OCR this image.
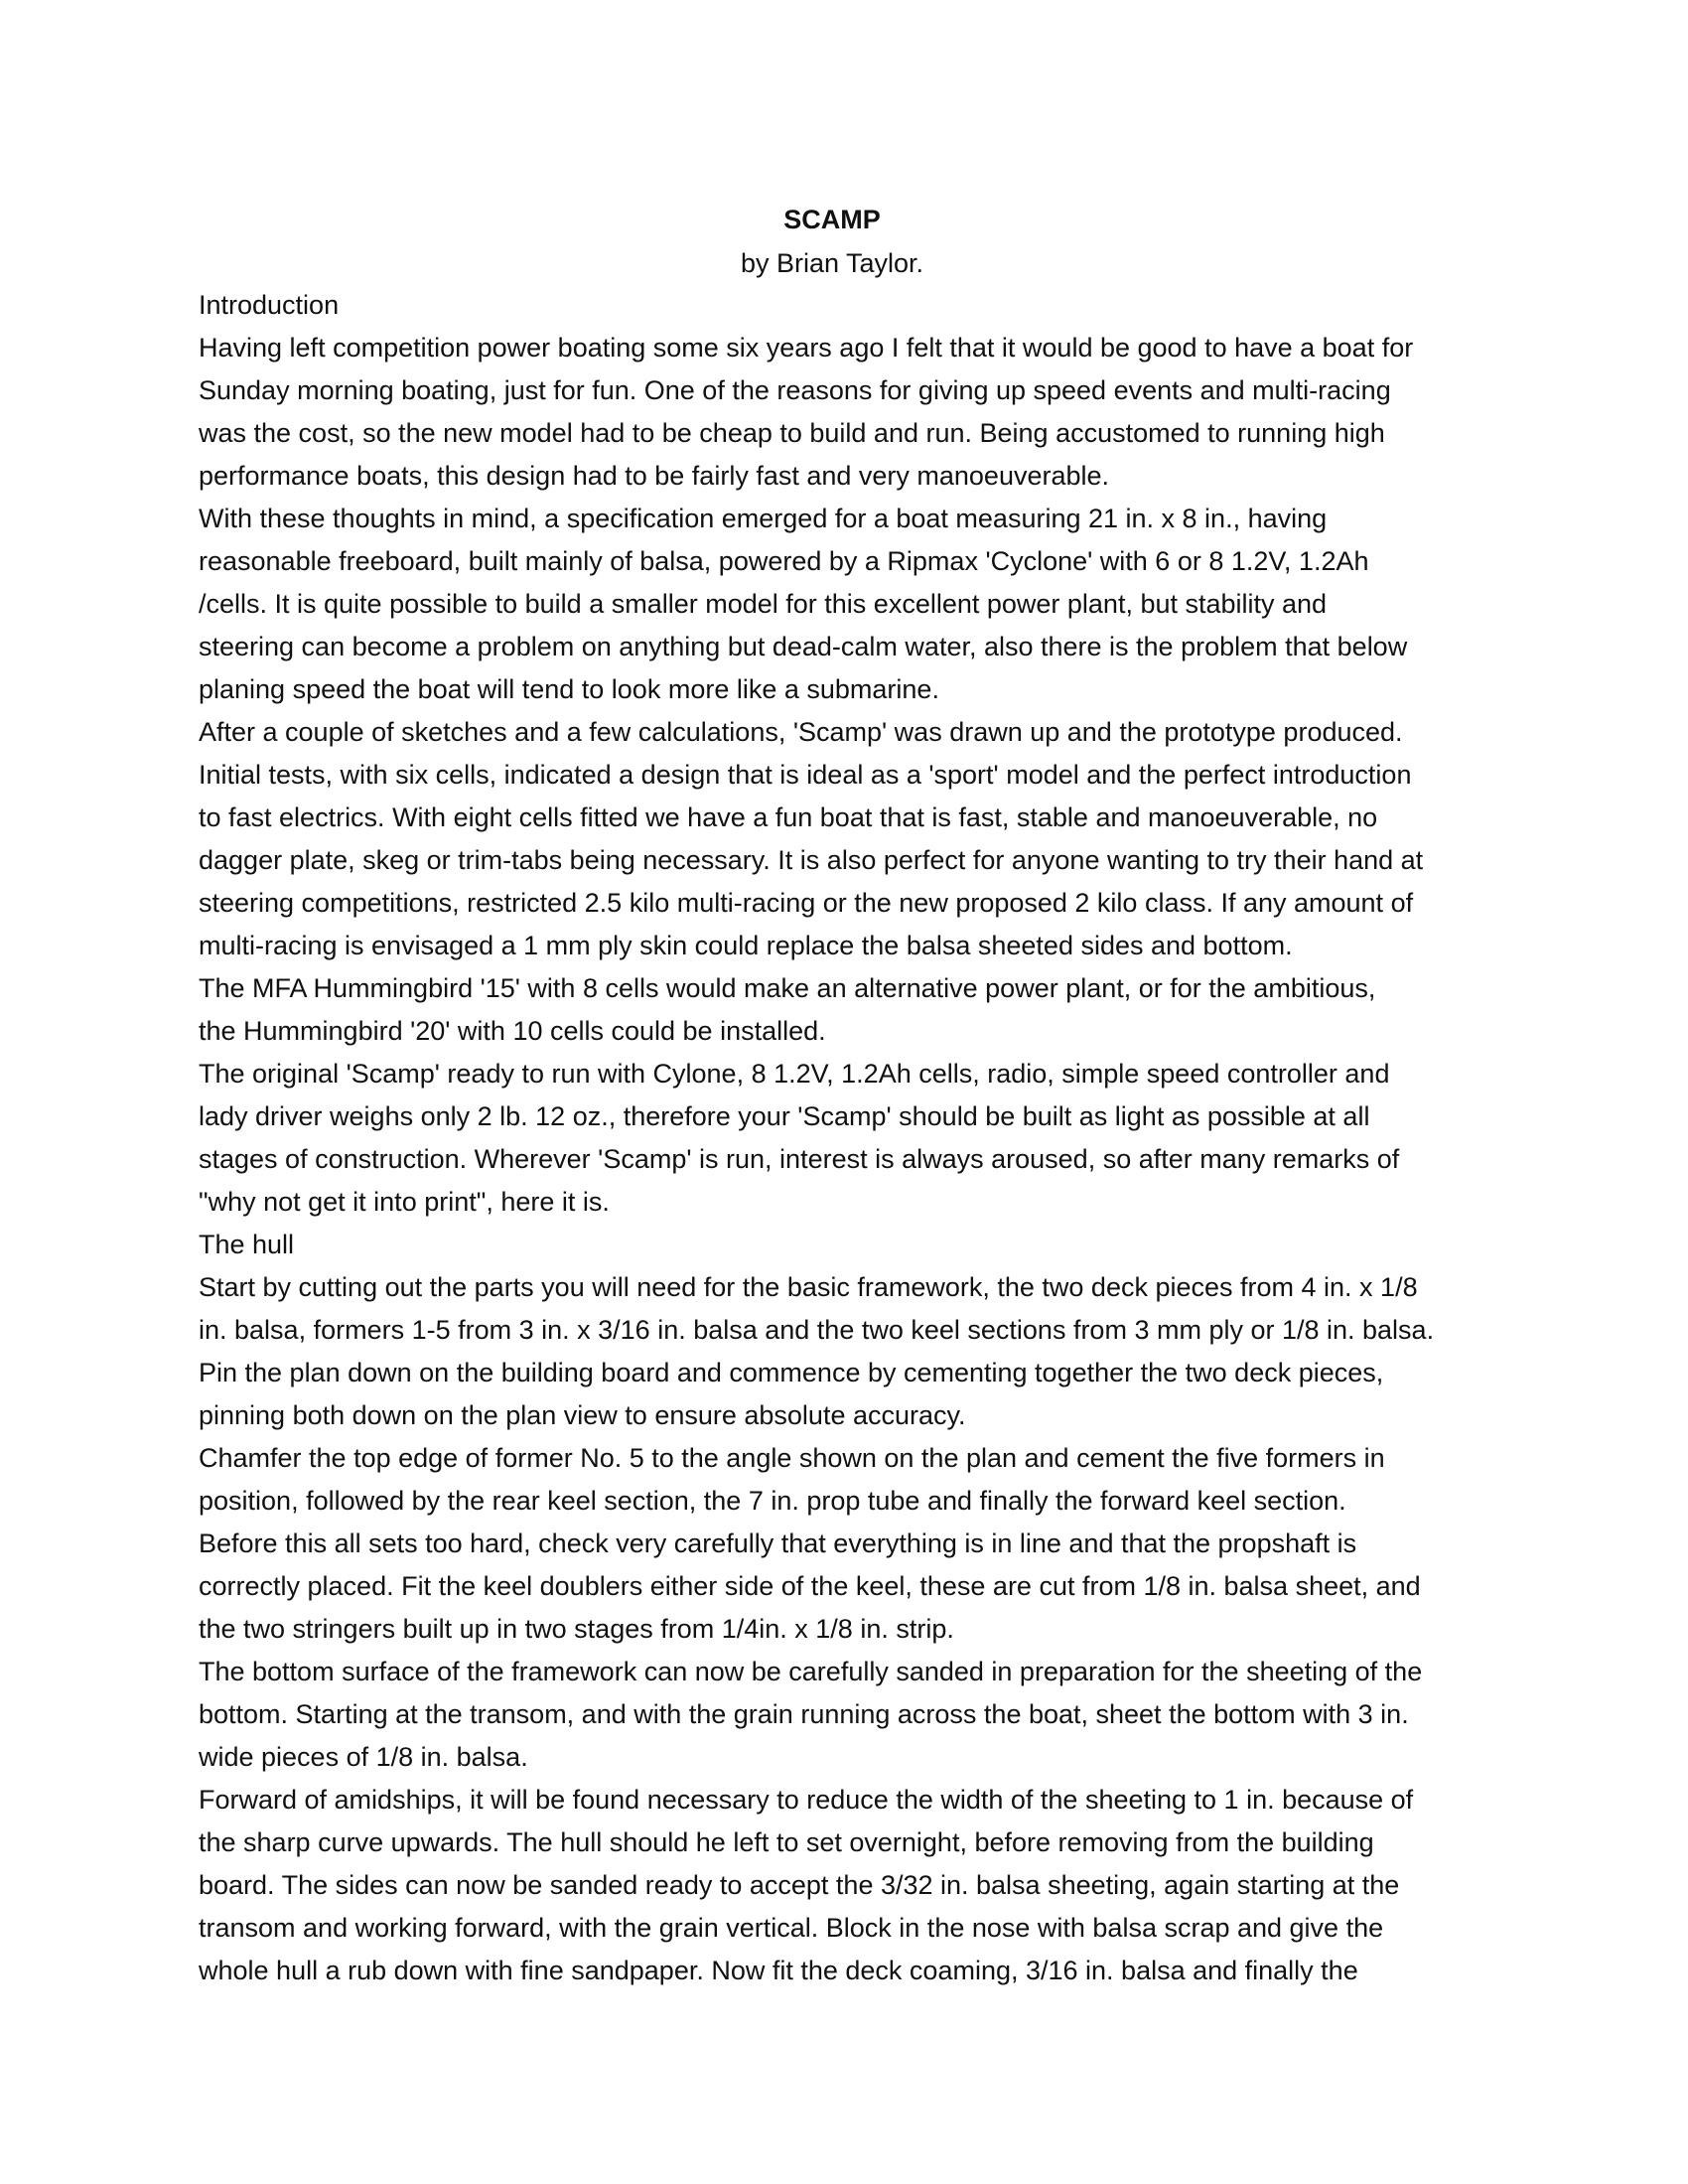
SCAMP
by Brian Taylor.
Introduction
Having left competition power boating some six years ago I felt that it would be good to have a boat for
Sunday morning boating, just for fun. One of the reasons for giving up speed events and multi-racing
was the cost, so the new model had to be cheap to build and run. Being accustomed to running high
performance boats, this design had to be fairly fast and very manoeuverable.
With these thoughts in mind, a specification emerged for a boat measuring 21 in. x 8 in., having
reasonable freeboard, built mainly of balsa, powered by a Ripmax 'Cyclone' with 6 or 8 1.2V, 1.2Ah
/cells. It is quite possible to build a smaller model for this excellent power plant, but stability and
steering can become a problem on anything but dead-calm water, also there is the problem that below
planing speed the boat will tend to look more like a submarine.
After a couple of sketches and a few calculations, 'Scamp' was drawn up and the prototype produced.
Initial tests, with six cells, indicated a design that is ideal as a 'sport' model and the perfect introduction
to fast electrics. With eight cells fitted we have a fun boat that is fast, stable and manoeuverable, no
dagger plate, skeg or trim-tabs being necessary. It is also perfect for anyone wanting to try their hand at
steering competitions, restricted 2.5 kilo multi-racing or the new proposed 2 kilo class. If any amount of
multi-racing is envisaged a 1 mm ply skin could replace the balsa sheeted sides and bottom.
The MFA Hummingbird '15' with 8 cells would make an alternative power plant, or for the ambitious,
the Hummingbird '20' with 10 cells could be installed.
The original 'Scamp' ready to run with Cylone, 8 1.2V, 1.2Ah cells, radio, simple speed controller and
lady driver weighs only 2 lb. 12 oz., therefore your 'Scamp' should be built as light as possible at all
stages of construction. Wherever 'Scamp' is run, interest is always aroused, so after many remarks of
"why not get it into print", here it is.
The hull
Start by cutting out the parts you will need for the basic framework, the two deck pieces from 4 in. x 1/8
in. balsa, formers 1-5 from 3 in. x 3/16 in. balsa and the two keel sections from 3 mm ply or 1/8 in. balsa.
Pin the plan down on the building board and commence by cementing together the two deck pieces,
pinning both down on the plan view to ensure absolute accuracy.
Chamfer the top edge of former No. 5 to the angle shown on the plan and cement the five formers in
position, followed by the rear keel section, the 7 in. prop tube and finally the forward keel section.
Before this all sets too hard, check very carefully that everything is in line and that the propshaft is
correctly placed. Fit the keel doublers either side of the keel, these are cut from 1/8 in. balsa sheet, and
the two stringers built up in two stages from 1/4in. x 1/8 in. strip.
The bottom surface of the framework can now be carefully sanded in preparation for the sheeting of the
bottom. Starting at the transom, and with the grain running across the boat, sheet the bottom with 3 in.
wide pieces of 1/8 in. balsa.
Forward of amidships, it will be found necessary to reduce the width of the sheeting to 1 in. because of
the sharp curve upwards. The hull should he left to set overnight, before removing from the building
board. The sides can now be sanded ready to accept the 3/32 in. balsa sheeting, again starting at the
transom and working forward, with the grain vertical. Block in the nose with balsa scrap and give the
whole hull a rub down with fine sandpaper. Now fit the deck coaming, 3/16 in. balsa and finally the
